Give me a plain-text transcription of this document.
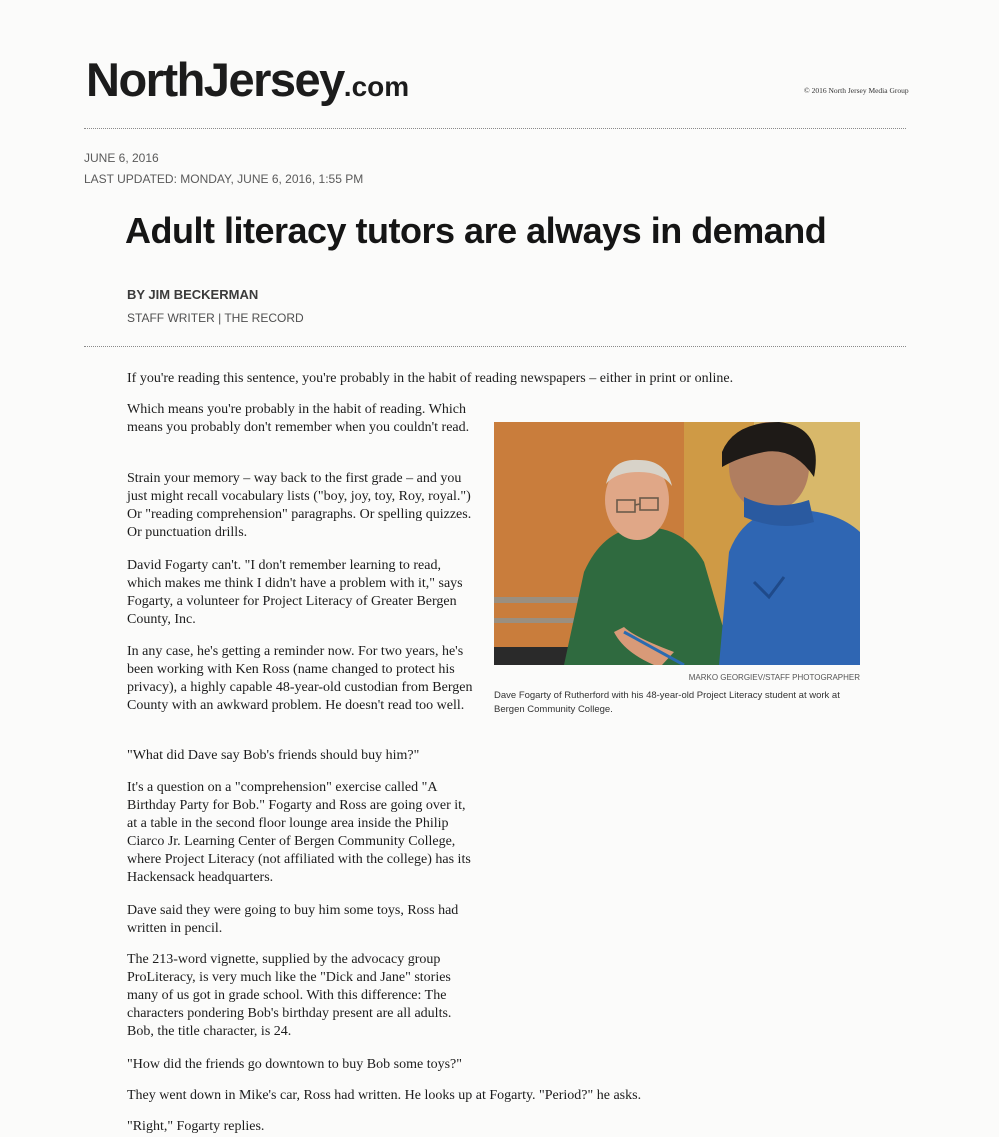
NorthJersey.com	© 2016 North Jersey Media Group
JUNE 6, 2016
LAST UPDATED: MONDAY, JUNE 6, 2016, 1:55 PM
Adult literacy tutors are always in demand
BY JIM BECKERMAN
STAFF WRITER | THE RECORD

If you're reading this sentence, you're probably in the habit of reading newspapers – either in print or online.

Which means you're probably in the habit of reading. Which means you probably don't remember when you couldn't read.

Strain your memory – way back to the first grade – and you just might recall vocabulary lists ("boy, joy, toy, Roy, royal.") Or "reading comprehension" paragraphs. Or spelling quizzes. Or punctuation drills.

David Fogarty can't. "I don't remember learning to read, which makes me think I didn't have a problem with it," says Fogarty, a volunteer for Project Literacy of Greater Bergen County, Inc.

In any case, he's getting a reminder now. For two years, he's been working with Ken Ross (name changed to protect his privacy), a highly capable 48-year-old custodian from Bergen County with an awkward problem. He doesn't read too well.

"What did Dave say Bob's friends should buy him?"

It's a question on a "comprehension" exercise called "A Birthday Party for Bob." Fogarty and Ross are going over it, at a table in the second floor lounge area inside the Philip Ciarco Jr. Learning Center of Bergen Community College, where Project Literacy (not affiliated with the college) has its Hackensack headquarters.

Dave said they were going to buy him some toys, Ross had written in pencil.

The 213-word vignette, supplied by the advocacy group ProLiteracy, is very much like the "Dick and Jane" stories many of us got in grade school. With this difference: The characters pondering Bob's birthday present are all adults. Bob, the title character, is 24.

"How did the friends go downtown to buy Bob some toys?"

They went down in Mike's car, Ross had written. He looks up at Fogarty. "Period?" he asks.

"Right," Fogarty replies.

MARKO GEORGIEV/STAFF PHOTOGRAPHER
Dave Fogarty of Rutherford with his 48-year-old Project Literacy student at work at Bergen Community College.
